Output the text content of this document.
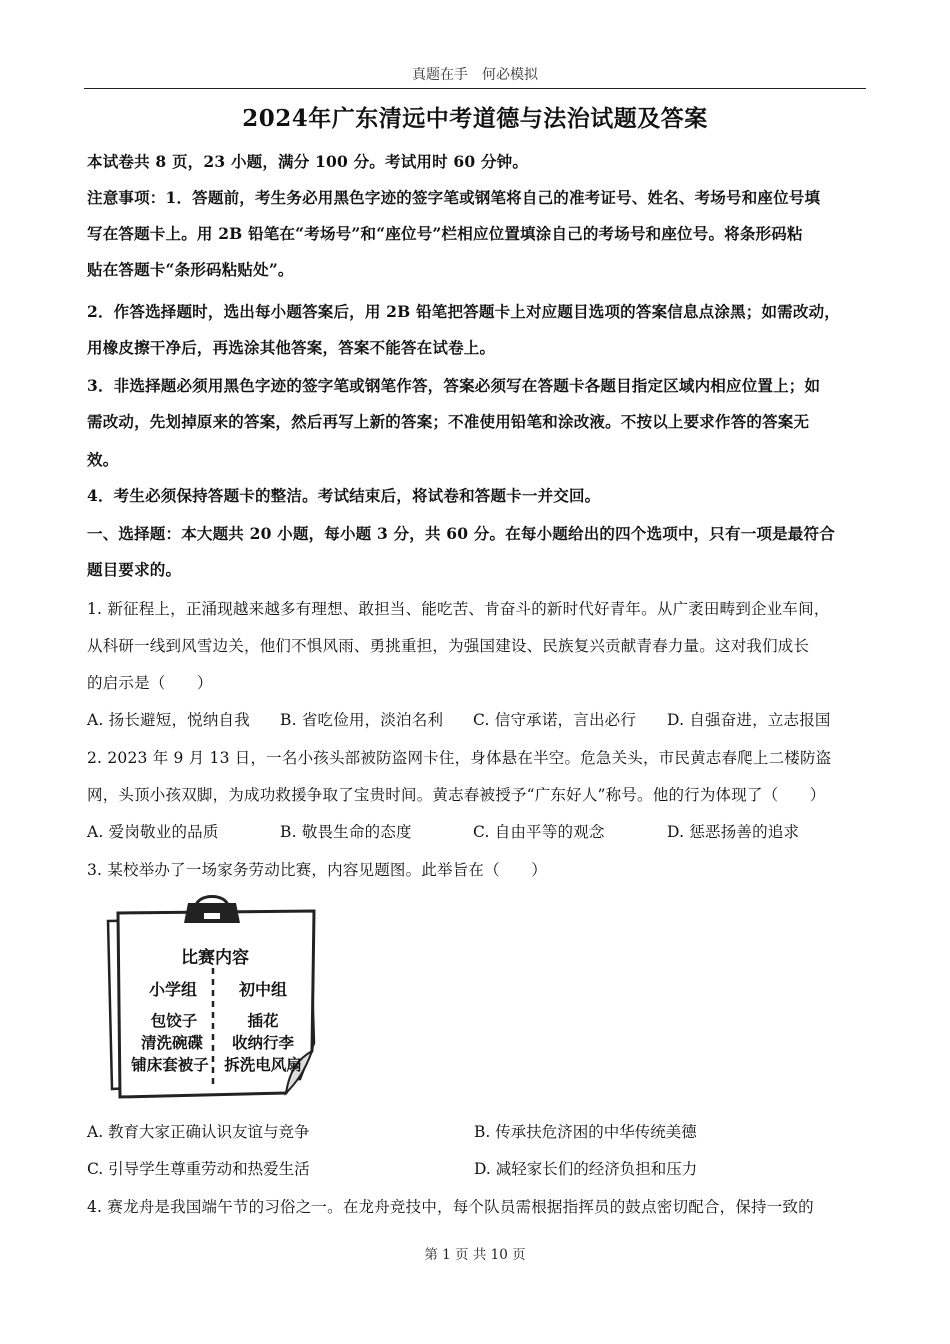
真题在手　何必模拟
2024年广东清远中考道德与法治试题及答案
本试卷共 8 页，23 小题，满分 100 分。考试用时 60 分钟。
注意事项：1．答题前，考生务必用黑色字迹的签字笔或钢笔将自己的准考证号、姓名、考场号和座位号填
写在答题卡上。用 2B 铅笔在“考场号”和“座位号”栏相应位置填涂自己的考场号和座位号。将条形码粘
贴在答题卡“条形码粘贴处”。
2．作答选择题时，选出每小题答案后，用 2B 铅笔把答题卡上对应题目选项的答案信息点涂黑；如需改动，
用橡皮擦干净后，再选涂其他答案，答案不能答在试卷上。
3．非选择题必须用黑色字迹的签字笔或钢笔作答，答案必须写在答题卡各题目指定区域内相应位置上；如
需改动，先划掉原来的答案，然后再写上新的答案；不准使用铅笔和涂改液。不按以上要求作答的答案无
效。
4．考生必须保持答题卡的整洁。考试结束后，将试卷和答题卡一并交回。
一、选择题：本大题共 20 小题，每小题 3 分，共 60 分。在每小题给出的四个选项中，只有一项是最符合
题目要求的。
1. 新征程上，正涌现越来越多有理想、敢担当、能吃苦、肯奋斗的新时代好青年。从广袤田畴到企业车间，
从科研一线到风雪边关，他们不惧风雨、勇挑重担，为强国建设、民族复兴贡献青春力量。这对我们成长
的启示是（　　）
A. 扬长避短，悦纳自我 B. 省吃俭用，淡泊名利 C. 信守承诺，言出必行 D. 自强奋进，立志报国
2. 2023 年 9 月 13 日，一名小孩头部被防盗网卡住，身体悬在半空。危急关头，市民黄志春爬上二楼防盗
网，头顶小孩双脚，为成功救援争取了宝贵时间。黄志春被授予“广东好人”称号。他的行为体现了（　　）
A. 爱岗敬业的品质	B. 敬畏生命的态度	C. 自由平等的观念	D. 惩恶扬善的追求
3. 某校举办了一场家务劳动比赛，内容见题图。此举旨在（　　）
比赛内容
小学组	初中组
包饺子
清洗碗碟
铺床套被子
插花
收纳行李
拆洗电风扇
A. 教育大家正确认识友谊与竞争	B. 传承扶危济困的中华传统美德
C. 引导学生尊重劳动和热爱生活	D. 减轻家长们的经济负担和压力
4. 赛龙舟是我国端午节的习俗之一。在龙舟竞技中，每个队员需根据指挥员的鼓点密切配合，保持一致的
第 1 页 共 10 页
